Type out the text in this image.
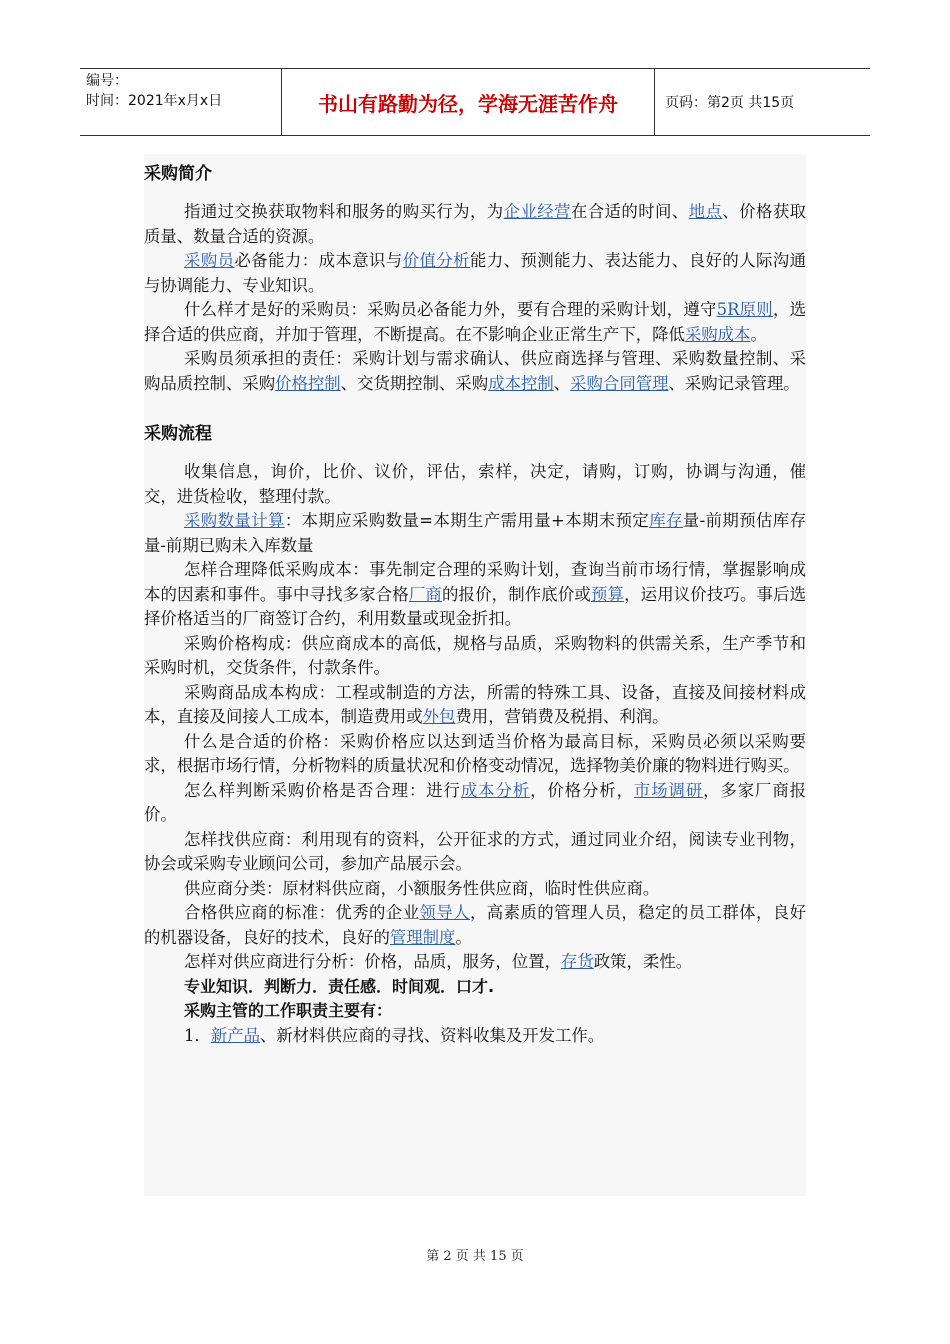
编号：
时间：2021年x月x日	书山有路勤为径，学海无涯苦作舟	页码：第2页 共15页
采购简介

指通过交换获取物料和服务的购买行为，为企业经营在合适的时间、地点、价格获取质量、数量合适的资源。

采购员必备能力：成本意识与价值分析能力、预测能力、表达能力、良好的人际沟通与协调能力、专业知识。

什么样才是好的采购员：采购员必备能力外，要有合理的采购计划，遵守5R原则，选择合适的供应商，并加于管理，不断提高。在不影响企业正常生产下，降低采购成本。

采购员须承担的责任：采购计划与需求确认、供应商选择与管理、采购数量控制、采购品质控制、采购价格控制、交货期控制、采购成本控制、采购合同管理、采购记录管理。

采购流程

收集信息，询价，比价、议价，评估，索样，决定，请购，订购，协调与沟通，催交，进货检收，整理付款。

采购数量计算：本期应采购数量=本期生产需用量+本期末预定库存量-前期预估库存量-前期已购未入库数量

怎样合理降低采购成本：事先制定合理的采购计划，查询当前市场行情，掌握影响成本的因素和事件。事中寻找多家合格厂商的报价，制作底价或预算，运用议价技巧。事后选择价格适当的厂商签订合约，利用数量或现金折扣。

采购价格构成：供应商成本的高低，规格与品质，采购物料的供需关系，生产季节和采购时机，交货条件，付款条件。

采购商品成本构成：工程或制造的方法，所需的特殊工具、设备，直接及间接材料成本，直接及间接人工成本，制造费用或外包费用，营销费及税捐、利润。

什么是合适的价格：采购价格应以达到适当价格为最高目标，采购员必须以采购要求，根据市场行情，分析物料的质量状况和价格变动情况，选择物美价廉的物料进行购买。

怎么样判断采购价格是否合理：进行成本分析，价格分析，市场调研，多家厂商报价。

怎样找供应商：利用现有的资料，公开征求的方式，通过同业介绍，阅读专业刊物，协会或采购专业顾问公司，参加产品展示会。

供应商分类：原材料供应商，小额服务性供应商，临时性供应商。

合格供应商的标准：优秀的企业领导人，高素质的管理人员，稳定的员工群体，良好的机器设备，良好的技术，良好的管理制度。

怎样对供应商进行分析：价格，品质，服务，位置，存货政策，柔性。

专业知识．判断力．责任感．时间观．口才.

采购主管的工作职责主要有：

1．新产品、新材料供应商的寻找、资料收集及开发工作。

第 2 页 共 15 页
